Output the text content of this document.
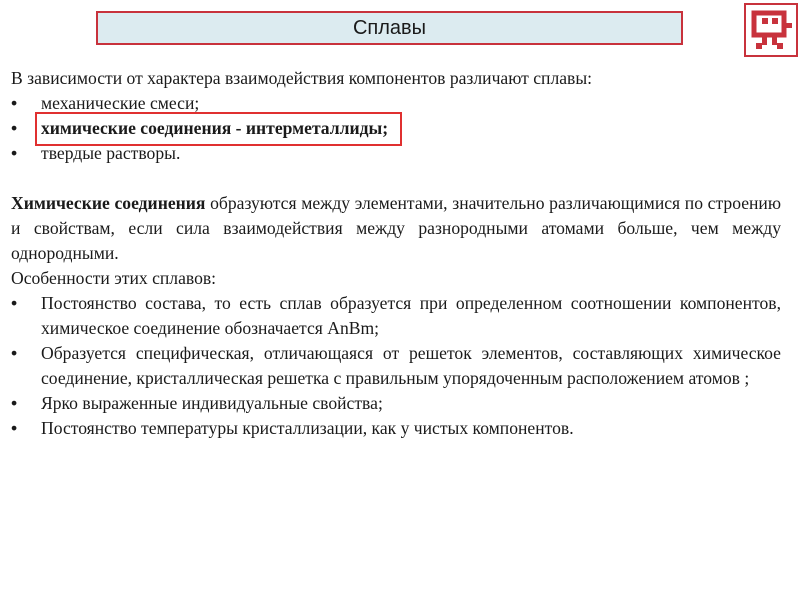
Сплавы

В зависимости от характера взаимодействия компонентов различают сплавы:

• механические смеси;
• химические соединения - интерметаллиды;
• твердые растворы.

Химические соединения образуются между элементами, значительно различающимися по строению и свойствам, если сила взаимодействия между разнородными атомами больше, чем между однородными.

Особенности этих сплавов:

• Постоянство состава, то есть сплав образуется при определенном соотношении компонентов, химическое соединение обозначается AnBm;
• Образуется специфическая, отличающаяся от решеток элементов, составляющих химическое соединение, кристаллическая решетка с правильным упорядоченным расположением атомов ;
• Ярко выраженные индивидуальные свойства;
• Постоянство температуры кристаллизации, как у чистых компонентов.
